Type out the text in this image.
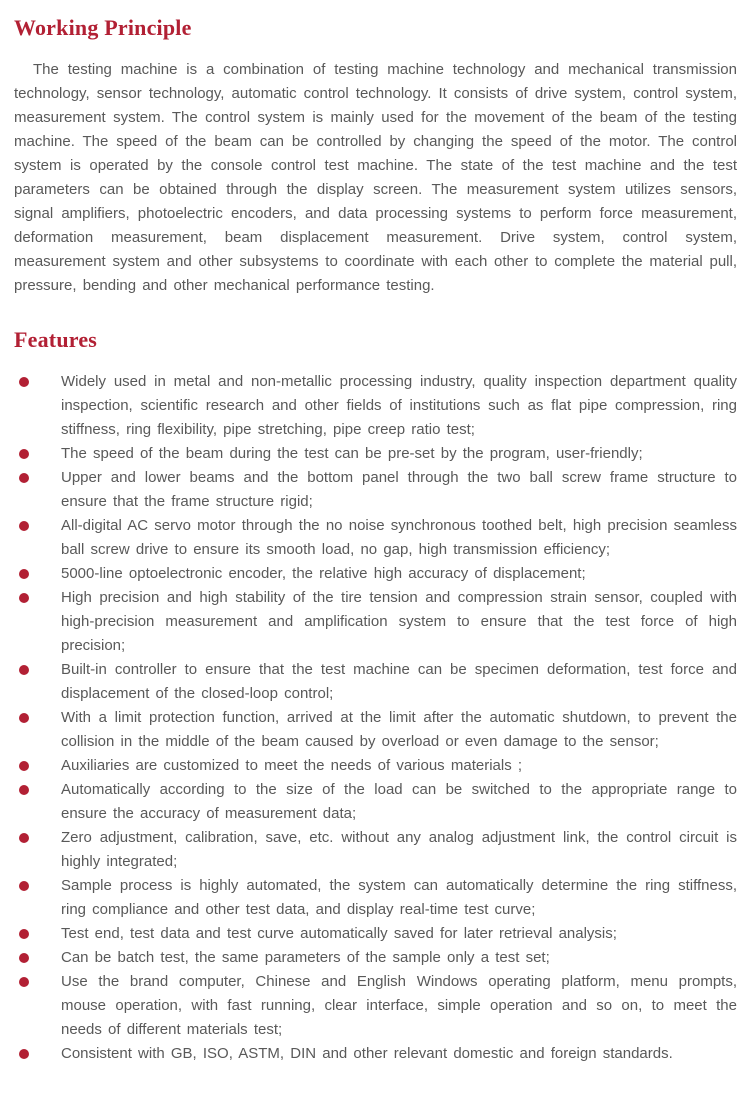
Working Principle

The testing machine is a combination of testing machine technology and mechanical transmission technology, sensor technology, automatic control technology. It consists of drive system, control system, measurement system. The control system is mainly used for the movement of the beam of the testing machine. The speed of the beam can be controlled by changing the speed of the motor. The control system is operated by the console control test machine. The state of the test machine and the test parameters can be obtained through the display screen. The measurement system utilizes sensors, signal amplifiers, photoelectric encoders, and data processing systems to perform force measurement, deformation measurement, beam displacement measurement. Drive system, control system, measurement system and other subsystems to coordinate with each other to complete the material pull, pressure, bending and other mechanical performance testing.

Features
Widely used in metal and non-metallic processing industry, quality inspection department quality inspection, scientific research and other fields of institutions such as flat pipe compression, ring stiffness, ring flexibility, pipe stretching, pipe creep ratio test;
The speed of the beam during the test can be pre-set by the program, user-friendly;
Upper and lower beams and the bottom panel through the two ball screw frame structure to ensure that the frame structure rigid;
All-digital AC servo motor through the no noise synchronous toothed belt, high precision seamless ball screw drive to ensure its smooth load, no gap, high transmission efficiency;
5000-line optoelectronic encoder, the relative high accuracy of displacement;
High precision and high stability of the tire tension and compression strain sensor, coupled with high-precision measurement and amplification system to ensure that the test force of high precision;
Built-in controller to ensure that the test machine can be specimen deformation, test force and displacement of the closed-loop control;
With a limit protection function, arrived at the limit after the automatic shutdown, to prevent the collision in the middle of the beam caused by overload or even damage to the sensor;
Auxiliaries are customized to meet the needs of various materials ;
Automatically according to the size of the load can be switched to the appropriate range to ensure the accuracy of measurement data;
Zero adjustment, calibration, save, etc. without any analog adjustment link, the control circuit is highly integrated;
Sample process is highly automated, the system can automatically determine the ring stiffness, ring compliance and other test data, and display real-time test curve;
Test end, test data and test curve automatically saved for later retrieval analysis;
Can be batch test, the same parameters of the sample only a test set;
Use the brand computer, Chinese and English Windows operating platform, menu prompts, mouse operation, with fast running, clear interface, simple operation and so on, to meet the needs of different materials test;
Consistent with GB, ISO, ASTM, DIN and other relevant domestic and foreign standards.
